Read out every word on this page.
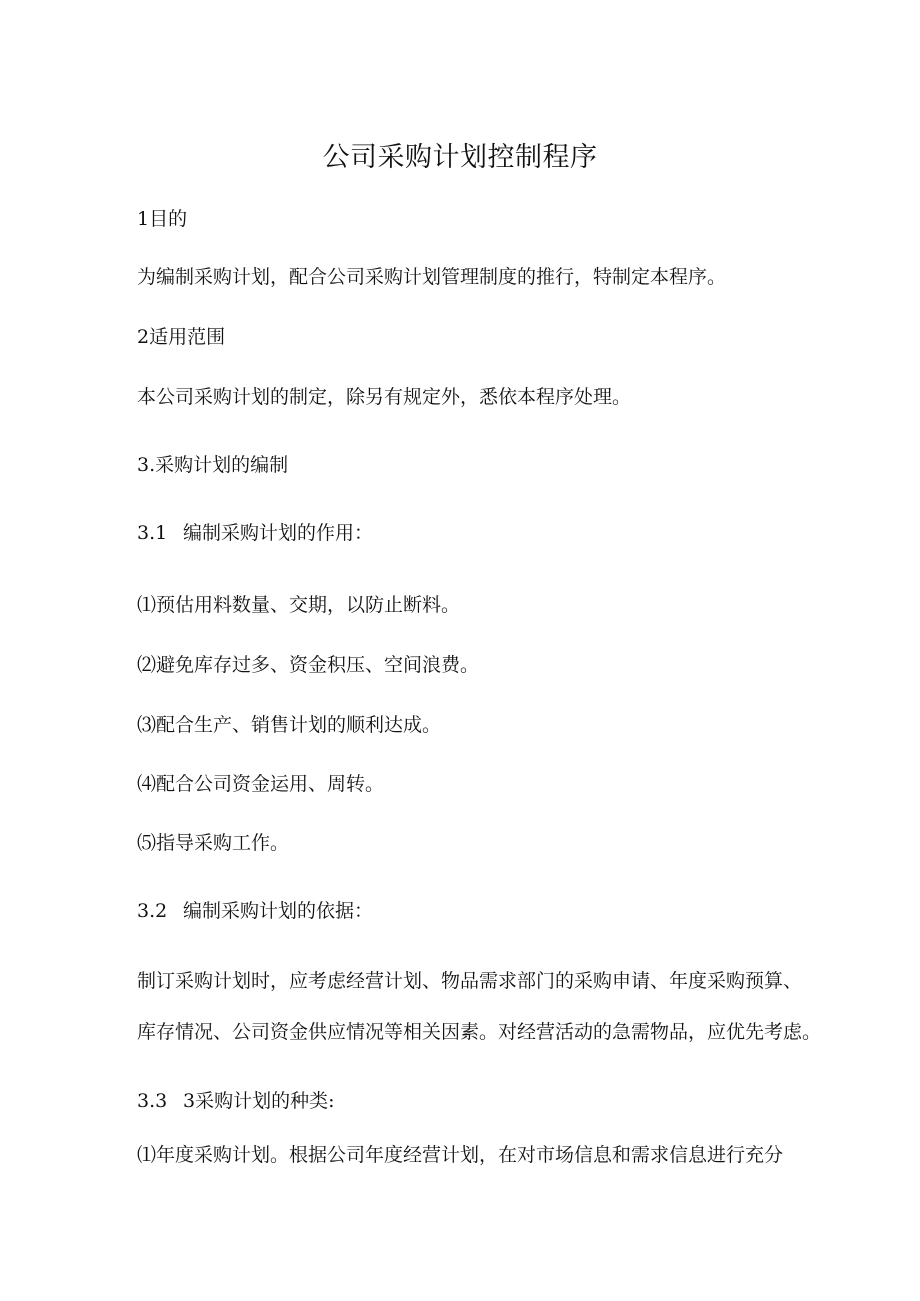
公司采购计划控制程序
1目的
为编制采购计划，配合公司采购计划管理制度的推行，特制定本程序。
2适用范围
本公司采购计划的制定，除另有规定外，悉依本程序处理。
3.采购计划的编制
3.1 编制采购计划的作用：
⑴预估用料数量、交期，以防止断料。
⑵避免库存过多、资金积压、空间浪费。
⑶配合生产、销售计划的顺利达成。
⑷配合公司资金运用、周转。
⑸指导采购工作。
3.2 编制采购计划的依据：
制订采购计划时，应考虑经营计划、物品需求部门的采购申请、年度采购预算、
库存情况、公司资金供应情况等相关因素。对经营活动的急需物品，应优先考虑。
3.3 3采购计划的种类:
⑴年度采购计划。根据公司年度经营计划，在对市场信息和需求信息进行充分
